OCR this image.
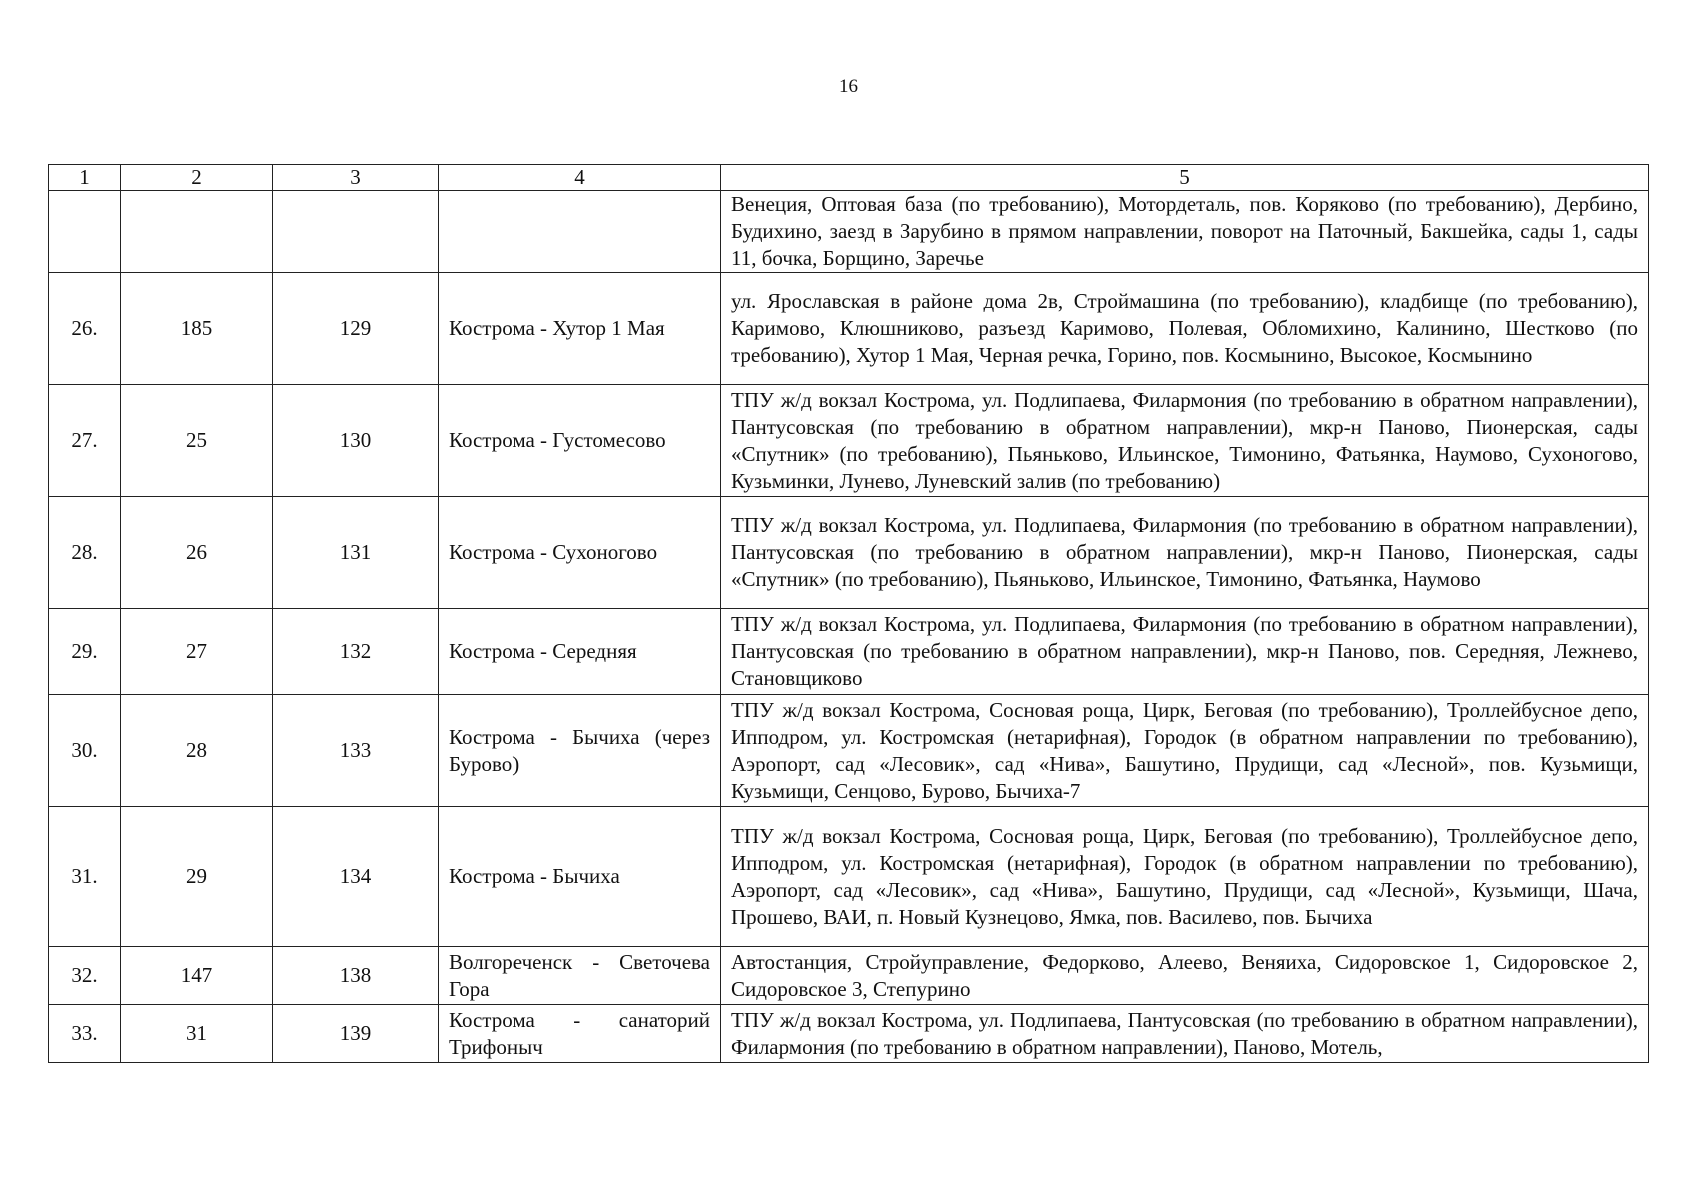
16
1	2	3	4	5
				Венеция, Оптовая база (по требованию), Мотордеталь, пов. Коряково (по требованию), Дербино, Будихино, заезд в Зарубино в прямом направлении, поворот на Паточный, Бакшейка, сады 1, сады 11, бочка, Борщино, Заречье
26.	185	129	Кострома - Хутор 1 Мая	ул. Ярославская в районе дома 2в, Строймашина (по требованию), кладбище (по требованию), Каримово, Клюшниково, разъезд Каримово, Полевая, Обломихино, Калинино, Шестково (по требованию), Хутор 1 Мая, Черная речка, Горино, пов. Космынино, Высокое, Космынино
27.	25	130	Кострома - Густомесово	ТПУ ж/д вокзал Кострома, ул. Подлипаева, Филармония (по требованию в обратном направлении), Пантусовская (по требованию в обратном направлении), мкр-н Паново, Пионерская, сады «Спутник» (по требованию), Пьяньково, Ильинское, Тимонино, Фатьянка, Наумово, Сухоногово, Кузьминки, Лунево, Луневский залив (по требованию)
28.	26	131	Кострома - Сухоногово	ТПУ ж/д вокзал Кострома, ул. Подлипаева, Филармония (по требованию в обратном направлении), Пантусовская (по требованию в обратном направлении), мкр-н Паново, Пионерская, сады «Спутник» (по требованию), Пьяньково, Ильинское, Тимонино, Фатьянка, Наумово
29.	27	132	Кострома - Середняя	ТПУ ж/д вокзал Кострома, ул. Подлипаева, Филармония (по требованию в обратном направлении), Пантусовская (по требованию в обратном направлении), мкр-н Паново, пов. Середняя, Лежнево, Становщиково
30.	28	133	Кострома - Бычиха (через Бурово)	ТПУ ж/д вокзал Кострома, Сосновая роща, Цирк, Беговая (по требованию), Троллейбусное депо, Ипподром, ул. Костромская (нетарифная), Городок (в обратном направлении по требованию), Аэропорт, сад «Лесовик», сад «Нива», Башутино, Прудищи, сад «Лесной», пов. Кузьмищи, Кузьмищи, Сенцово, Бурово, Бычиха-7
31.	29	134	Кострома - Бычиха	ТПУ ж/д вокзал Кострома, Сосновая роща, Цирк, Беговая (по требованию), Троллейбусное депо, Ипподром, ул. Костромская (нетарифная), Городок (в обратном направлении по требованию), Аэропорт, сад «Лесовик», сад «Нива», Башутино, Прудищи, сад «Лесной», Кузьмищи, Шача, Прошево, ВАИ, п. Новый Кузнецово, Ямка, пов. Василево, пов. Бычиха
32.	147	138	Волгореченск - Светочева Гора	Автостанция, Стройуправление, Федорково, Алеево, Веняиха, Сидоровское 1, Сидоровское 2, Сидоровское 3, Степурино
33.	31	139	Кострома - санаторий Трифоныч	ТПУ ж/д вокзал Кострома, ул. Подлипаева, Пантусовская (по требованию в обратном направлении), Филармония (по требованию в обратном направлении), Паново, Мотель,
